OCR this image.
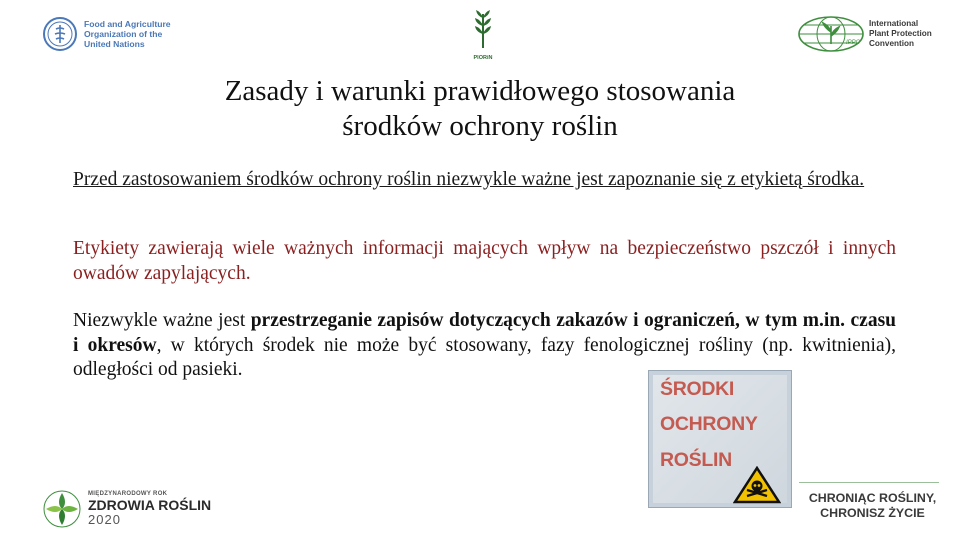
Food and Agriculture
Organization of the
United Nations
PIORiN
IPPC
International
Plant Protection
Convention
Zasady i warunki prawidłowego stosowania
środków ochrony roślin
Przed zastosowaniem środków ochrony roślin niezwykle ważne jest zapoznanie się z etykietą środka.
Etykiety zawierają wiele ważnych informacji mających wpływ na bezpieczeństwo pszczół i innych owadów zapylających.
Niezwykle ważne jest przestrzeganie zapisów dotyczących zakazów i ograniczeń, w tym m.in. czasu i okresów, w których środek nie może być stosowany, fazy fenologicznej rośliny (np. kwitnienia), odległości od pasieki.
ŚRODKI
OCHRONY
ROŚLIN
MIĘDZYNARODOWY ROK
ZDROWIA ROŚLIN
2020
CHRONIĄC ROŚLINY,
CHRONISZ ŻYCIE
